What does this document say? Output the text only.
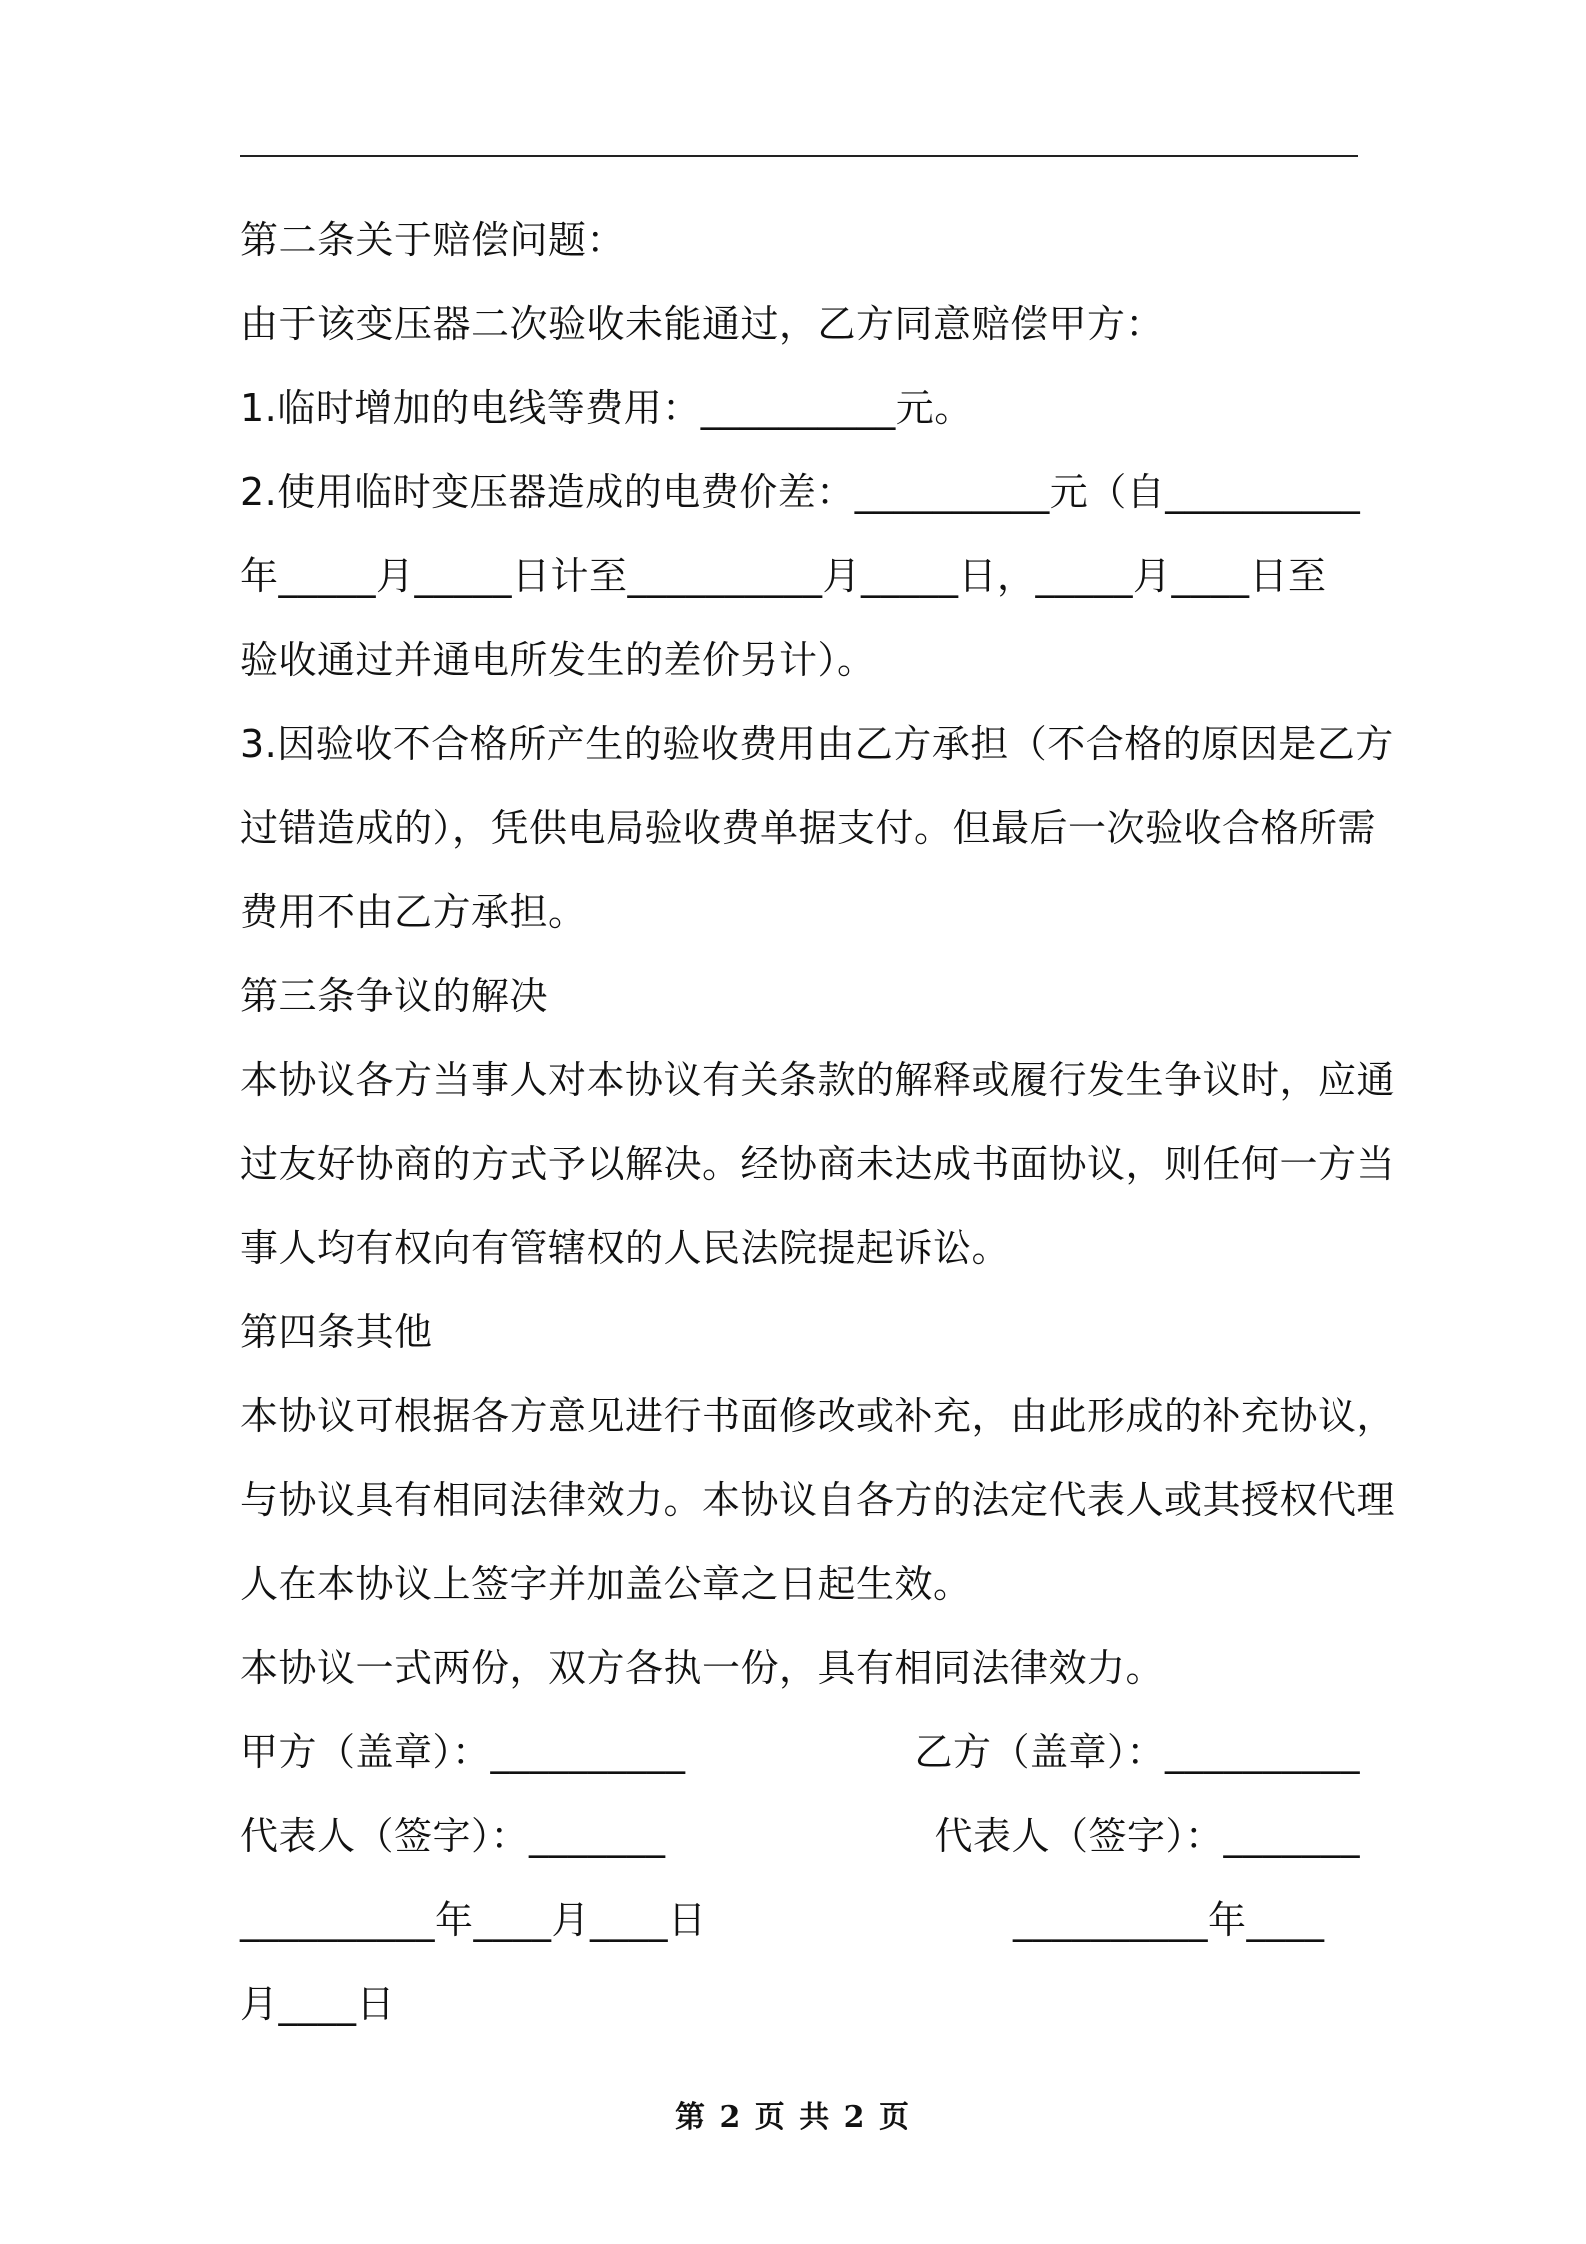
第二条关于赔偿问题：
由于该变压器二次验收未能通过，乙方同意赔偿甲方：
1.临时增加的电线等费用：__________元。
2.使用临时变压器造成的电费价差：__________元（自__________
年_____月_____日计至__________月_____日，_____月____日至
验收通过并通电所发生的差价另计）。
3.因验收不合格所产生的验收费用由乙方承担（不合格的原因是乙方
过错造成的），凭供电局验收费单据支付。但最后一次验收合格所需
费用不由乙方承担。
第三条争议的解决
本协议各方当事人对本协议有关条款的解释或履行发生争议时，应通
过友好协商的方式予以解决。经协商未达成书面协议，则任何一方当
事人均有权向有管辖权的人民法院提起诉讼。
第四条其他
本协议可根据各方意见进行书面修改或补充，由此形成的补充协议，
与协议具有相同法律效力。本协议自各方的法定代表人或其授权代理
人在本协议上签字并加盖公章之日起生效。
本协议一式两份，双方各执一份，具有相同法律效力。
甲方（盖章）：__________	乙方（盖章）：__________
代表人（签字）：_______	代表人（签字）：_______
__________年____月____日	__________年____
月____日
第 2 页 共 2 页
